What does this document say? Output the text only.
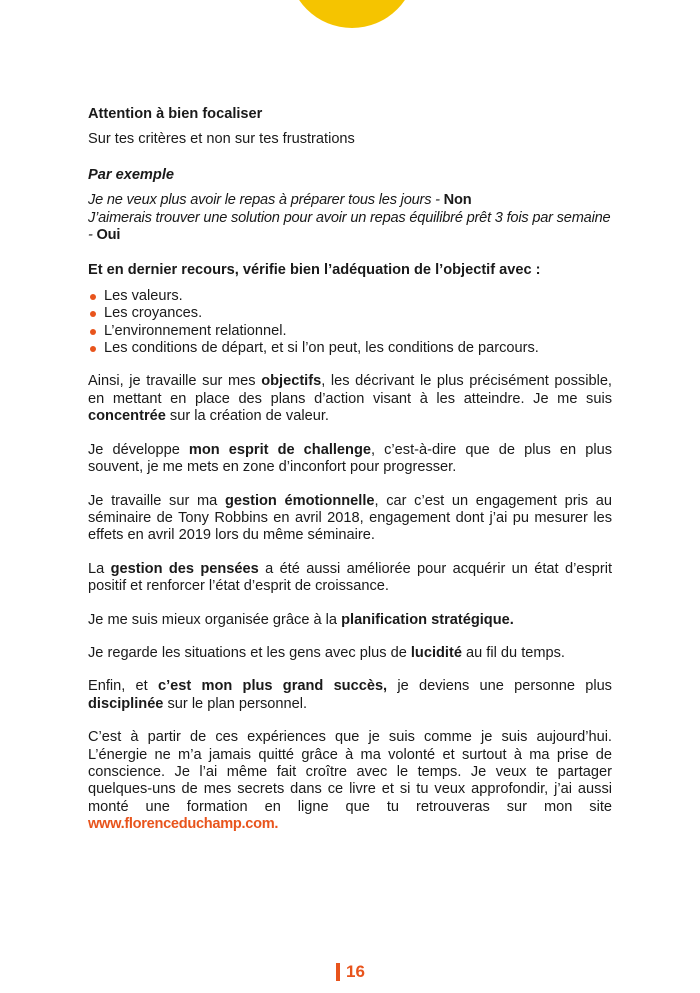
Attention à bien focaliser

Sur tes critères et non sur tes frustrations

Par exemple

Je ne veux plus avoir le repas à préparer tous les jours - Non

J’aimerais trouver une solution pour avoir un repas équilibré prêt 3 fois par semaine - Oui

Et en dernier recours, vérifie bien l’adéquation de l’objectif avec :

Les valeurs.
Les croyances.
L’environnement relationnel.
Les conditions de départ, et si l’on peut, les conditions de parcours.

Ainsi, je travaille sur mes objectifs, les décrivant le plus précisément possible, en mettant en place des plans d’action visant à les atteindre. Je me suis concentrée sur la création de valeur.

Je développe mon esprit de challenge, c’est-à-dire que de plus en plus souvent, je me mets en zone d’inconfort pour progresser.

Je travaille sur ma gestion émotionnelle, car c’est un engagement pris au séminaire de Tony Robbins en avril 2018, engagement dont j’ai pu mesurer les effets en avril 2019 lors du même séminaire.

La gestion des pensées a été aussi améliorée pour acquérir un état d’esprit positif et renforcer l’état d’esprit de croissance.

Je me suis mieux organisée grâce à la planification stratégique.

Je regarde les situations et les gens avec plus de lucidité au fil du temps.

Enfin, et c’est mon plus grand succès, je deviens une personne plus disciplinée sur le plan personnel.

C’est à partir de ces expériences que je suis comme je suis aujourd’hui. L’énergie ne m’a jamais quitté grâce à ma volonté et surtout à ma prise de conscience. Je l’ai même fait croître avec le temps. Je veux te partager quelques-uns de mes secrets dans ce livre et si tu veux approfondir, j’ai aussi monté une formation en ligne que tu retrouveras sur mon site www.florenceduchamp.com.

16
